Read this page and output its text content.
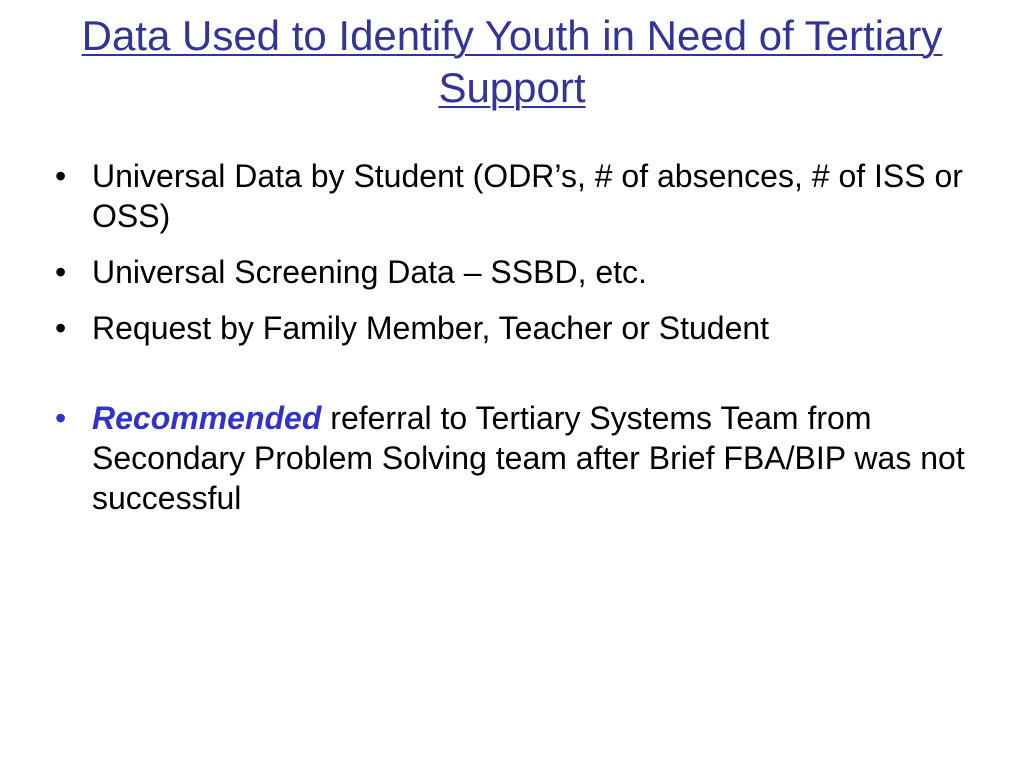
Data Used to Identify Youth in Need of Tertiary Support
• Universal Data by Student (ODR’s, # of absences, # of ISS or OSS)
• Universal Screening Data – SSBD, etc.
• Request by Family Member, Teacher or Student
• Recommended referral to Tertiary Systems Team from Secondary Problem Solving team after Brief FBA/BIP was not successful
